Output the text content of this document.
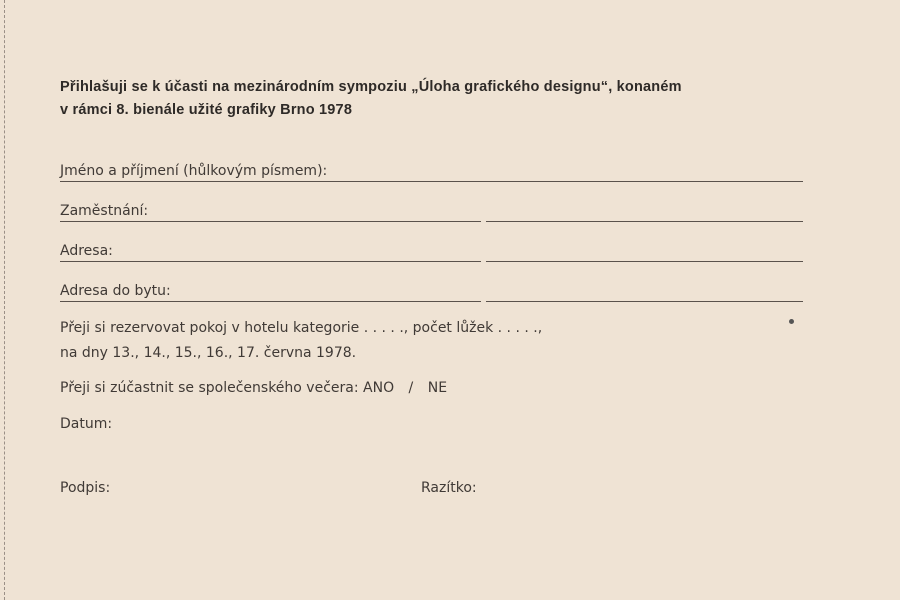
Přihlašuji se k účasti na mezinárodním sympoziu „Úloha grafického designu“, konaném
v rámci 8. bienále užité grafiky Brno 1978
Jméno a příjmení (hůlkovým písmem):
Zaměstnání:
Adresa:
Adresa do bytu:
Přeji si rezervovat pokoj v hotelu kategorie . . . . ., počet lůžek . . . . .,
na dny 13., 14., 15., 16., 17. června 1978.
Přeji si zúčastnit se společenského večera: ANO / NE
Datum:
Podpis:	Razítko:
